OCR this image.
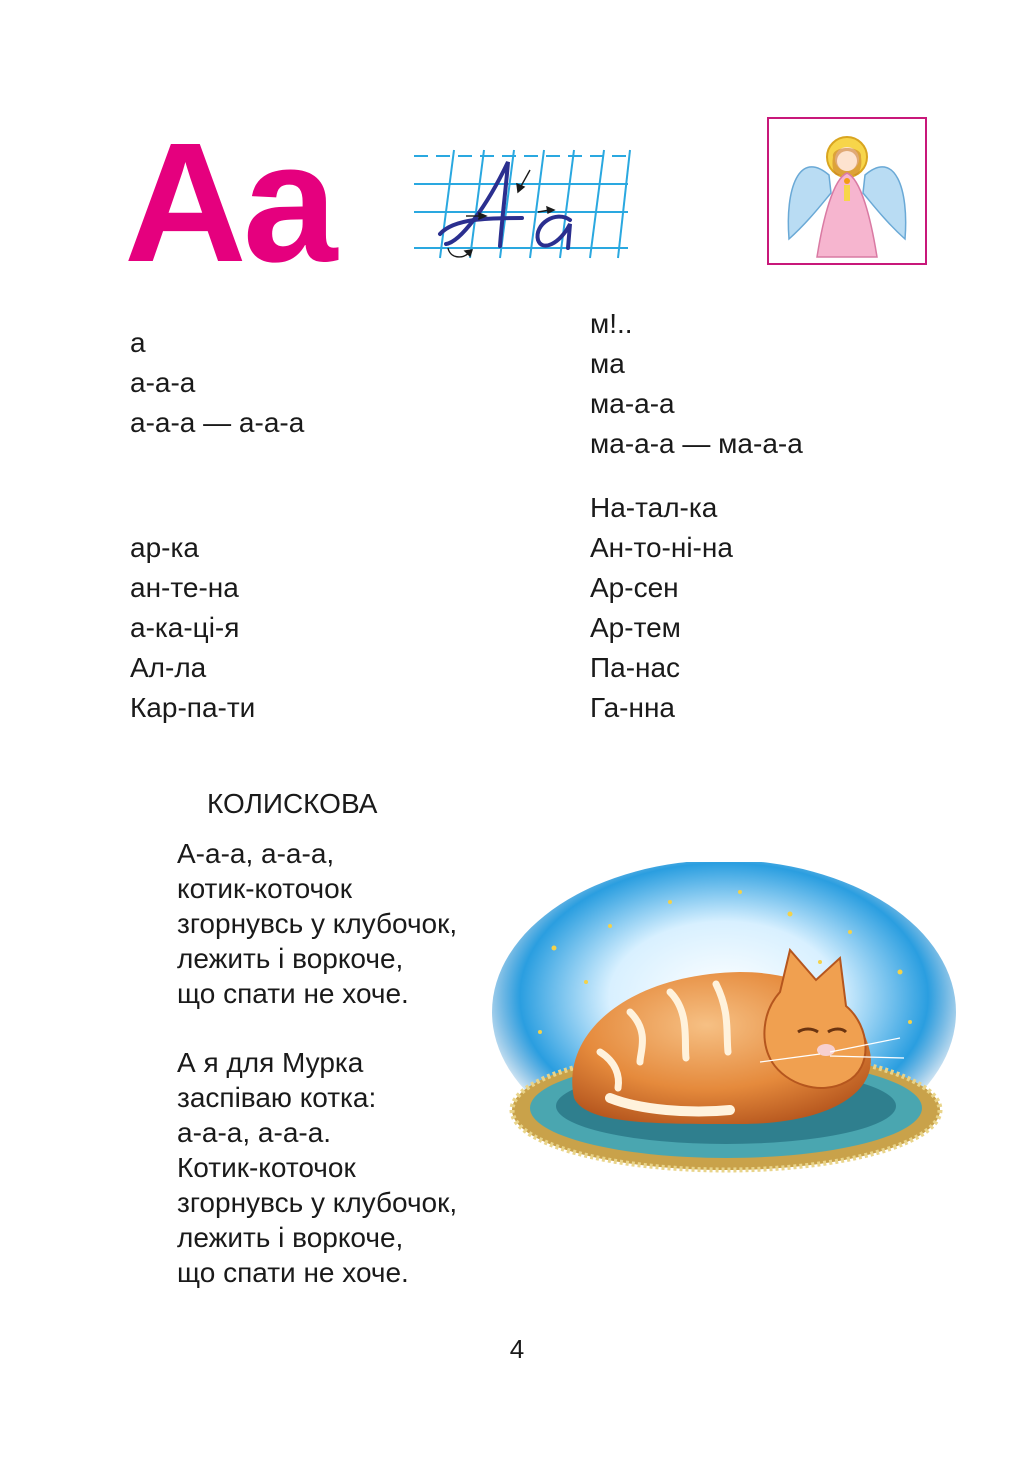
Аа
а
а-а-а
а-а-а — а-а-а
ар-ка
ан-те-на
а-ка-ці-я
Ал-ла
Кар-па-ти
м!..
ма
ма-а-а
ма-а-а — ма-а-а
На-тал-ка
Ан-то-ні-на
Ар-сен
Ар-тем
Па-нас
Га-нна
КОЛИСКОВА
А-а-а, а-а-а,
котик-коточок
згорнувсь у клубочок,
лежить і воркоче,
що спати не хоче.
А я для Мурка
заспіваю котка:
а-а-а, а-а-а.
Котик-коточок
згорнувсь у клубочок,
лежить і воркоче,
що спати не хоче.
4
